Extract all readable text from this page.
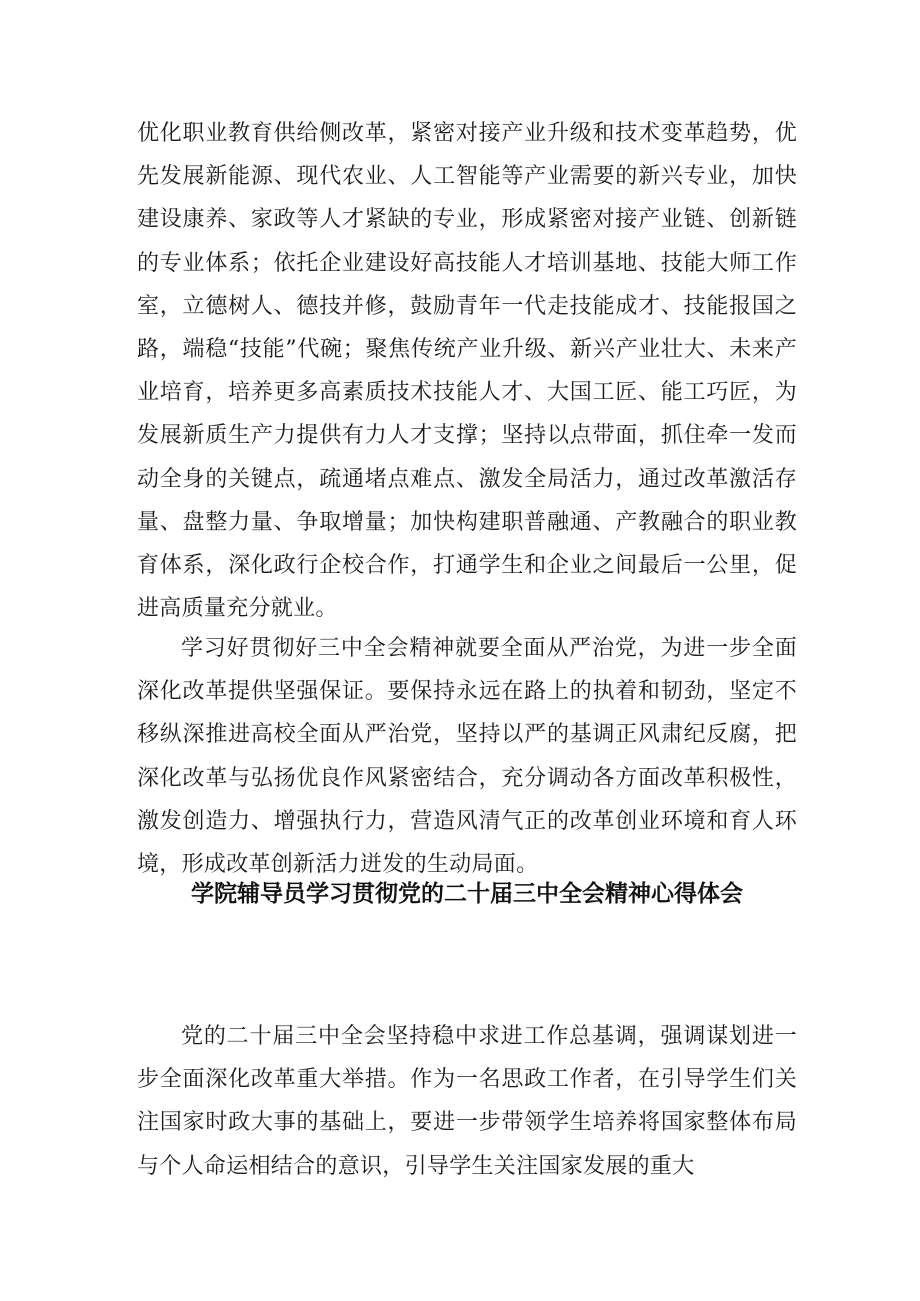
优化职业教育供给侧改革，紧密对接产业升级和技术变革趋势，优先发展新能源、现代农业、人工智能等产业需要的新兴专业，加快建设康养、家政等人才紧缺的专业，形成紧密对接产业链、创新链的专业体系；依托企业建设好高技能人才培训基地、技能大师工作室，立德树人、德技并修，鼓励青年一代走技能成才、技能报国之路，端稳“技能”代碗；聚焦传统产业升级、新兴产业壮大、未来产业培育，培养更多高素质技术技能人才、大国工匠、能工巧匠，为发展新质生产力提供有力人才支撑；坚持以点带面，抓住牵一发而动全身的关键点，疏通堵点难点、激发全局活力，通过改革激活存量、盘整力量、争取增量；加快构建职普融通、产教融合的职业教育体系，深化政行企校合作，打通学生和企业之间最后一公里，促进高质量充分就业。

学习好贯彻好三中全会精神就要全面从严治党，为进一步全面深化改革提供坚强保证。要保持永远在路上的执着和韧劲，坚定不移纵深推进高校全面从严治党，坚持以严的基调正风肃纪反腐，把深化改革与弘扬优良作风紧密结合，充分调动各方面改革积极性，激发创造力、增强执行力，营造风清气正的改革创业环境和育人环境，形成改革创新活力迸发的生动局面。

学院辅导员学习贯彻党的二十届三中全会精神心得体会

党的二十届三中全会坚持稳中求进工作总基调，强调谋划进一步全面深化改革重大举措。作为一名思政工作者，在引导学生们关注国家时政大事的基础上，要进一步带领学生培养将国家整体布局与个人命运相结合的意识，引导学生关注国家发展的重大
